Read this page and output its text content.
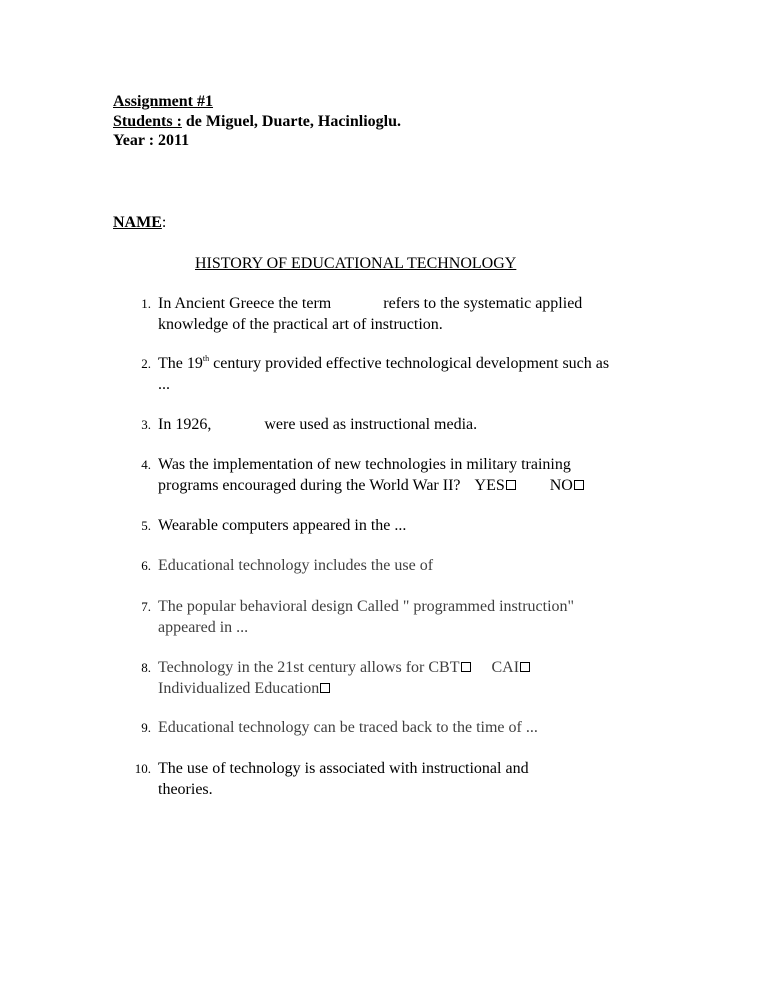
Assignment #1
Students : de Miguel, Duarte, Hacinlioglu.
Year : 2011
NAME:
HISTORY OF EDUCATIONAL TECHNOLOGY
1. In Ancient Greece the term	refers to the systematic applied
knowledge of the practical art of instruction.
2. The 19th century provided effective technological development such as
...
3. In 1926,	were used as instructional media.
4. Was the implementation of new technologies in military training
programs encouraged during the World War II? YES	NO
5. Wearable computers appeared in the ...
6. Educational technology includes the use of
7. The popular behavioral design Called " programmed instruction"
appeared in ...
8. Technology in the 21st century allows for CBT CAI
Individualized Education
9. Educational technology can be traced back to the time of ...
10. The use of technology is associated with instructional and
theories.
